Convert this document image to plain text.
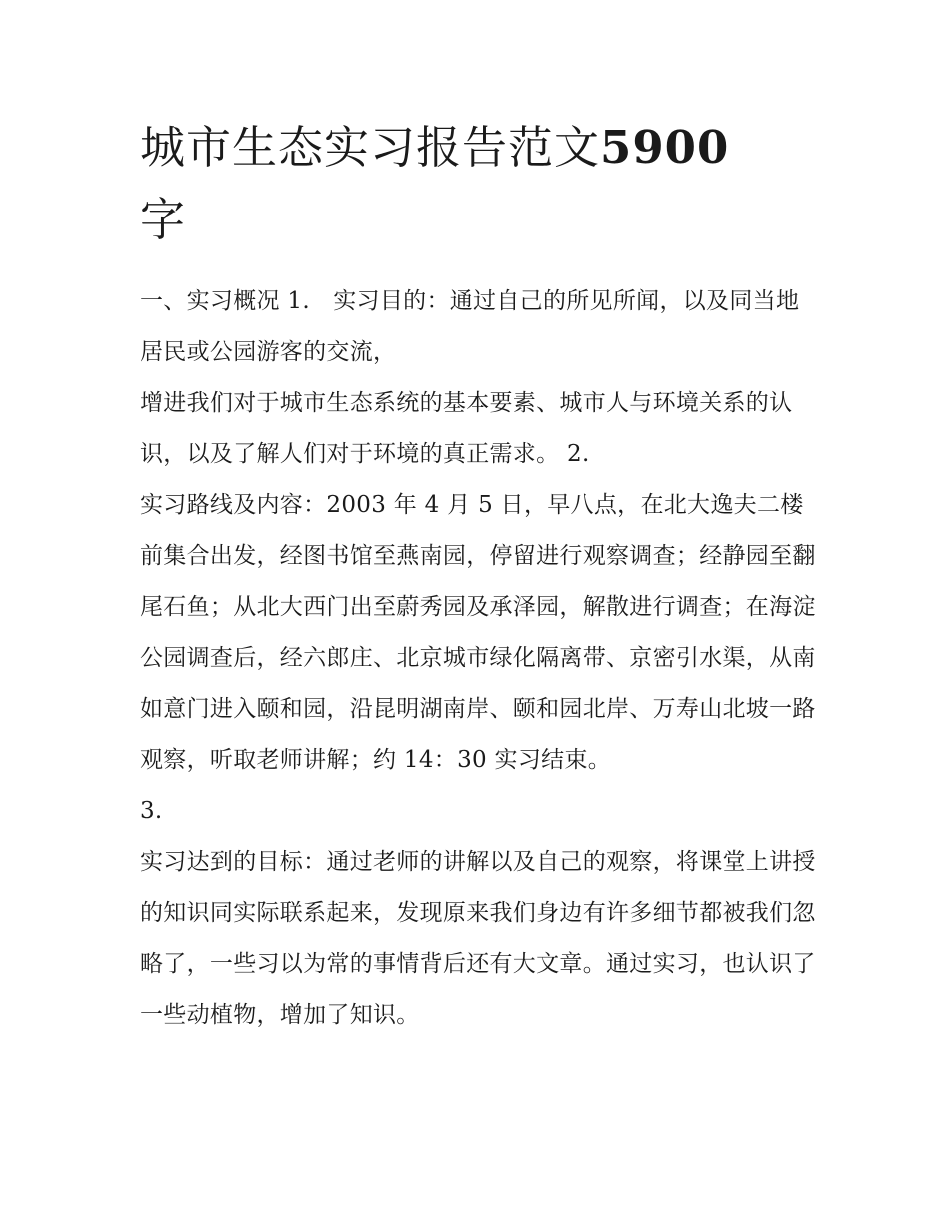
城市生态实习报告范文5900
字

一、实习概况 1.　实习目的：通过自己的所见所闻，以及同当地居民或公园游客的交流，

增进我们对于城市生态系统的基本要素、城市人与环境关系的认识，以及了解人们对于环境的真正需求。 2.

实习路线及内容：2003 年 4 月 5 日，早八点，在北大逸夫二楼前集合出发，经图书馆至燕南园，停留进行观察调查；经静园至翻尾石鱼；从北大西门出至蔚秀园及承泽园，解散进行调查；在海淀公园调查后，经六郎庄、北京城市绿化隔离带、京密引水渠，从南如意门进入颐和园，沿昆明湖南岸、颐和园北岸、万寿山北坡一路观察，听取老师讲解；约 14：30 实习结束。

3.

实习达到的目标：通过老师的讲解以及自己的观察，将课堂上讲授的知识同实际联系起来，发现原来我们身边有许多细节都被我们忽略了，一些习以为常的事情背后还有大文章。通过实习，也认识了一些动植物，增加了知识。
